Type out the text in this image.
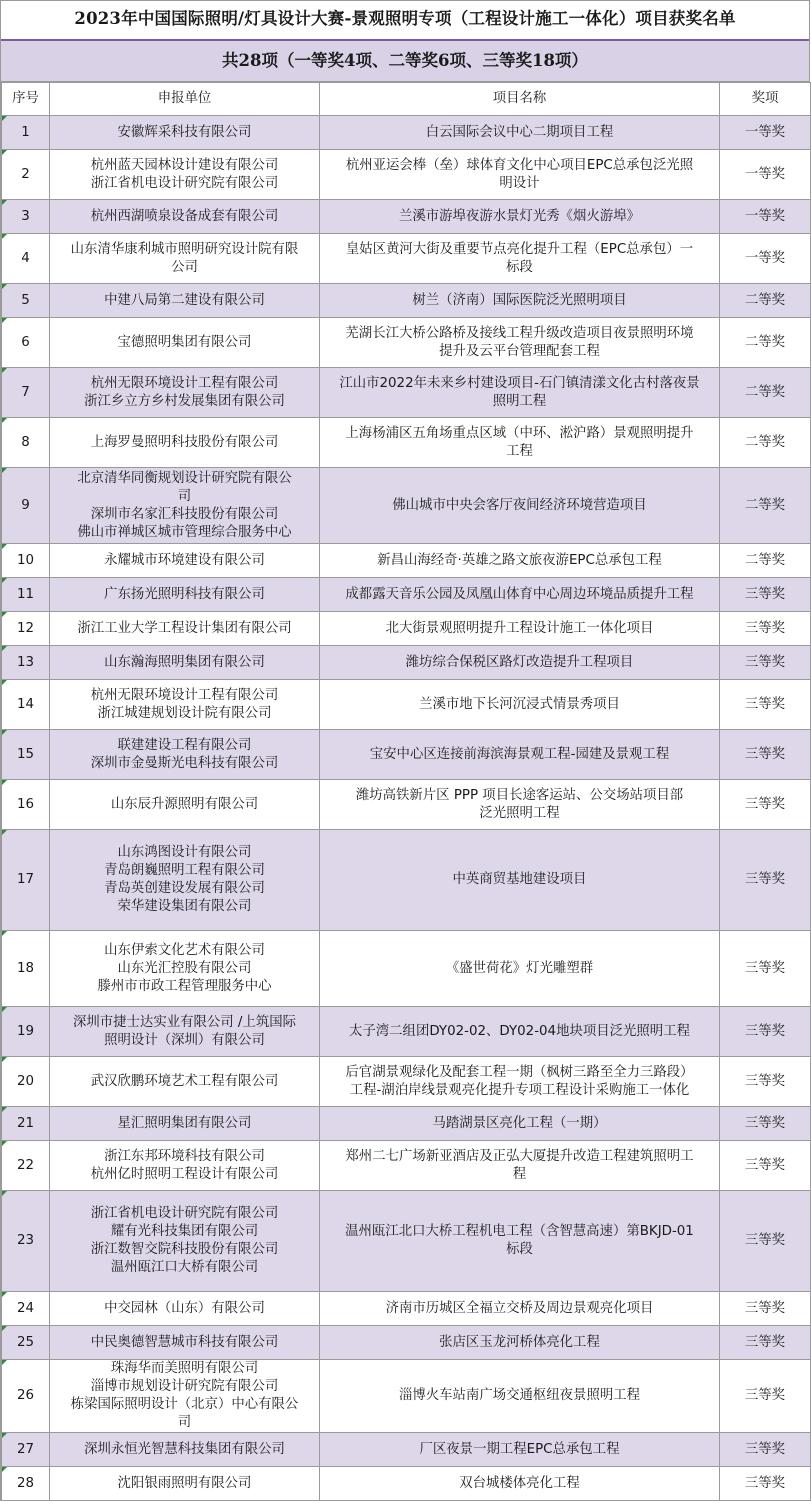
2023年中国国际照明/灯具设计大赛-景观照明专项（工程设计施工一体化）项目获奖名单
共28项（一等奖4项、二等奖6项、三等奖18项）
序号	申报单位	项目名称	奖项
1	安徽辉采科技有限公司	白云国际会议中心二期项目工程	一等奖
2	杭州蓝天园林设计建设有限公司
浙江省机电设计研究院有限公司	杭州亚运会棒（垒）球体育文化中心项目EPC总承包泛光照
明设计	一等奖
3	杭州西湖喷泉设备成套有限公司	兰溪市游埠夜游水景灯光秀《烟火游埠》	一等奖
4	山东清华康利城市照明研究设计院有限
公司	皇姑区黄河大街及重要节点亮化提升工程（EPC总承包）一
标段	一等奖
5	中建八局第二建设有限公司	树兰（济南）国际医院泛光照明项目	二等奖
6	宝德照明集团有限公司	芜湖长江大桥公路桥及接线工程升级改造项目夜景照明环境
提升及云平台管理配套工程	二等奖
7	杭州无限环境设计工程有限公司
浙江乡立方乡村发展集团有限公司	江山市2022年未来乡村建设项目-石门镇清漾文化古村落夜景
照明工程	二等奖
8	上海罗曼照明科技股份有限公司	上海杨浦区五角场重点区域（中环、淞沪路）景观照明提升
工程	二等奖
9	北京清华同衡规划设计研究院有限公
司
深圳市名家汇科技股份有限公司
佛山市禅城区城市管理综合服务中心	佛山城市中央会客厅夜间经济环境营造项目	二等奖
10	永耀城市环境建设有限公司	新昌山海经奇·英雄之路文旅夜游EPC总承包工程	二等奖
11	广东扬光照明科技有限公司	成都露天音乐公园及凤凰山体育中心周边环境品质提升工程	三等奖
12	浙江工业大学工程设计集团有限公司	北大街景观照明提升工程设计施工一体化项目	三等奖
13	山东瀚海照明集团有限公司	潍坊综合保税区路灯改造提升工程项目	三等奖
14	杭州无限环境设计工程有限公司
浙江城建规划设计院有限公司	兰溪市地下长河沉浸式情景秀项目	三等奖
15	联建建设工程有限公司
深圳市金曼斯光电科技有限公司	宝安中心区连接前海滨海景观工程-园建及景观工程	三等奖
16	山东辰升源照明有限公司	潍坊高铁新片区 PPP 项目长途客运站、公交场站项目部
泛光照明工程	三等奖
17	山东鸿图设计有限公司
青岛朗巍照明工程有限公司
青岛英创建设发展有限公司
荣华建设集团有限公司	中英商贸基地建设项目	三等奖
18	山东伊索文化艺术有限公司
山东光汇控股有限公司
滕州市市政工程管理服务中心	《盛世荷花》灯光雕塑群	三等奖
19	深圳市捷士达实业有限公司 /上筑国际
照明设计（深圳）有限公司	太子湾二组团DY02-02、DY02-04地块项目泛光照明工程	三等奖
20	武汉欣鹏环境艺术工程有限公司	后官湖景观绿化及配套工程一期（枫树三路至全力三路段）
工程-湖泊岸线景观亮化提升专项工程设计采购施工一体化	三等奖
21	星汇照明集团有限公司	马踏湖景区亮化工程（一期）	三等奖
22	浙江东邦环境科技有限公司
杭州亿时照明工程设计有限公司	郑州二七广场新亚酒店及正弘大厦提升改造工程建筑照明工
程	三等奖
23	浙江省机电设计研究院有限公司
耀有光科技集团有限公司
浙江数智交院科技股份有限公司
温州瓯江口大桥有限公司	温州瓯江北口大桥工程机电工程（含智慧高速）第BKJD-01
标段	三等奖
24	中交园林（山东）有限公司	济南市历城区全福立交桥及周边景观亮化项目	三等奖
25	中民奥德智慧城市科技有限公司	张店区玉龙河桥体亮化工程	三等奖
26	珠海华而美照明有限公司
淄博市规划设计研究院有限公司
栋梁国际照明设计（北京）中心有限公
司	淄博火车站南广场交通枢纽夜景照明工程	三等奖
27	深圳永恒光智慧科技集团有限公司	厂区夜景一期工程EPC总承包工程	三等奖
28	沈阳银雨照明有限公司	双台城楼体亮化工程	三等奖
